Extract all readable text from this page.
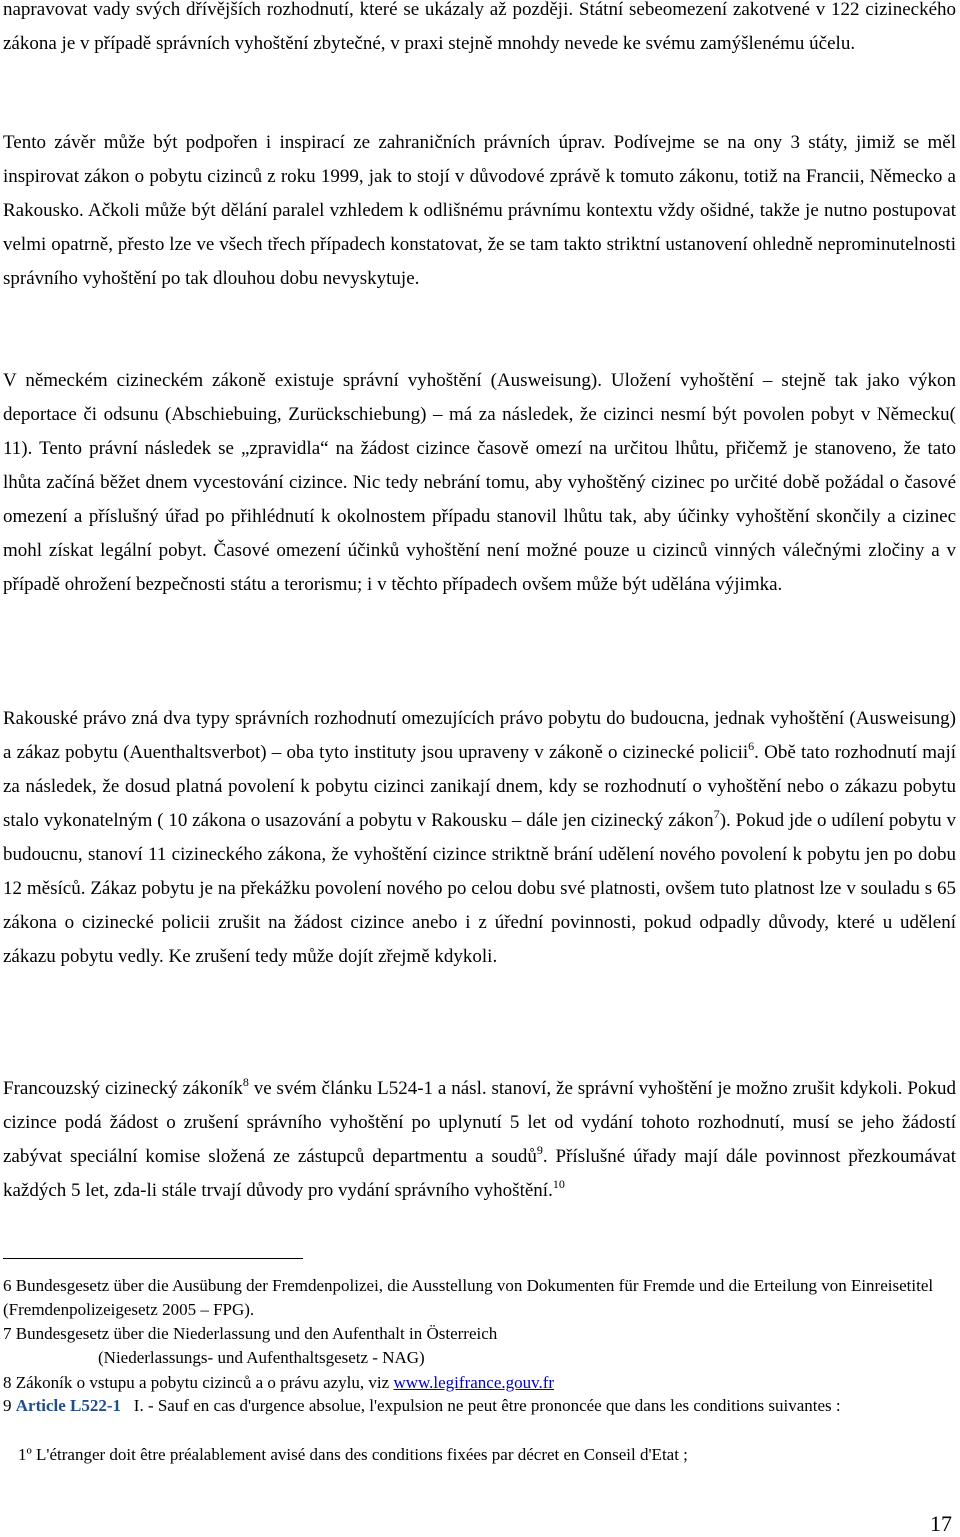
napravovat vady svých dřívějších rozhodnutí, které se ukázaly až později. Státní sebeomezení zakotvené v 122 cizineckého zákona je v případě správních vyhoštění zbytečné, v praxi stejně mnohdy nevede ke svému zamýšlenému účelu.

Tento závěr může být podpořen i inspirací ze zahraničních právních úprav. Podívejme se na ony 3 státy, jimiž se měl inspirovat zákon o pobytu cizinců z roku 1999, jak to stojí v důvodové zprávě k tomuto zákonu, totiž na Francii, Německo a Rakousko. Ačkoli může být dělání paralel vzhledem k odlišnému právnímu kontextu vždy ošidné, takže je nutno postupovat velmi opatrně, přesto lze ve všech třech případech konstatovat, že se tam takto striktní ustanovení ohledně neprominutelnosti správního vyhoštění po tak dlouhou dobu nevyskytuje.

V německém cizineckém zákoně existuje správní vyhoštění (Ausweisung). Uložení vyhoštění – stejně tak jako výkon deportace či odsunu (Abschiebuing, Zurückschiebung) – má za následek, že cizinci nesmí být povolen pobyt v Německu( 11). Tento právní následek se „zpravidla“ na žádost cizince časově omezí na určitou lhůtu, přičemž je stanoveno, že tato lhůta začíná běžet dnem vycestování cizince. Nic tedy nebrání tomu, aby vyhoštěný cizinec po určité době požádal o časové omezení a příslušný úřad po přihlédnutí k okolnostem případu stanovil lhůtu tak, aby účinky vyhoštění skončily a cizinec mohl získat legální pobyt. Časové omezení účinků vyhoštění není možné pouze u cizinců vinných válečnými zločiny a v případě ohrožení bezpečnosti státu a terorismu; i v těchto případech ovšem může být udělána výjimka.

Rakouské právo zná dva typy správních rozhodnutí omezujících právo pobytu do budoucna, jednak vyhoštění (Ausweisung) a zákaz pobytu (Auenthaltsverbot) – oba tyto instituty jsou upraveny v zákoně o cizinecké policii$^6$. Obě tato rozhodnutí mají za následek, že dosud platná povolení k pobytu cizinci zanikají dnem, kdy se rozhodnutí o vyhoštění nebo o zákazu pobytu stalo vykonatelným ( 10 zákona o usazování a pobytu v Rakousku – dále jen cizinecký zákon$^7$). Pokud jde o udílení pobytu v budoucnu, stanoví 11 cizineckého zákona, že vyhoštění cizince striktně brání udělení nového povolení k pobytu jen po dobu 12 měsíců. Zákaz pobytu je na překážku povolení nového po celou dobu své platnosti, ovšem tuto platnost lze v souladu s 65 zákona o cizinecké policii zrušit na žádost cizince anebo i z úřední povinnosti, pokud odpadly důvody, které u udělení zákazu pobytu vedly. Ke zrušení tedy může dojít zřejmě kdykoli.

Francouzský cizinecký zákoník$^8$ ve svém článku L524-1 a násl. stanoví, že správní vyhoštění je možno zrušit kdykoli. Pokud cizince podá žádost o zrušení správního vyhoštění po uplynutí 5 let od vydání tohoto rozhodnutí, musí se jeho žádostí zabývat speciální komise složená ze zástupců departmentu a soudů$^9$. Příslušné úřady mají dále povinnost přezkoumávat každých 5 let, zda-li stále trvají důvody pro vydání správního vyhoštění.$^{10}$

6 Bundesgesetz über die Ausübung der Fremdenpolizei, die Ausstellung von Dokumenten für Fremde und die Erteilung von Einreisetitel (Fremdenpolizeigesetz 2005 – FPG).

7 Bundesgesetz über die Niederlassung und den Aufenthalt in Österreich

(Niederlassungs- und Aufenthaltsgesetz - NAG)

8 Zákoník o vstupu a pobytu cizinců a o právu azylu, viz www.legifrance.gouv.fr

9 Article L522-1   I. - Sauf en cas d'urgence absolue, l'expulsion ne peut être prononcée que dans les conditions suivantes :

1º L'étranger doit être préalablement avisé dans des conditions fixées par décret en Conseil d'Etat ;

17
